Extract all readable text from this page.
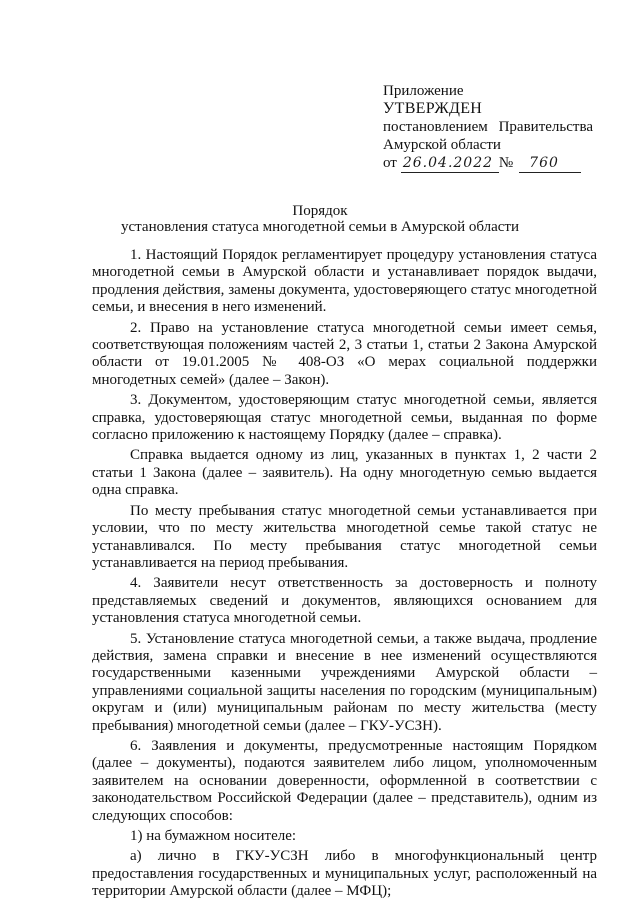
Приложение
УТВЕРЖДЕН
постановлением Правительства
Амурской области
от 26.04.2022 №	760
Порядок
установления статуса многодетной семьи в Амурской области

1. Настоящий Порядок регламентирует процедуру установления статуса многодетной семьи в Амурской области и устанавливает порядок выдачи, продления действия, замены документа, удостоверяющего статус многодетной семьи, и внесения в него изменений.

2. Право на установление статуса многодетной семьи имеет семья, соответствующая положениям частей 2, 3 статьи 1, статьи 2 Закона Амурской области от 19.01.2005 № 408-ОЗ «О мерах социальной поддержки многодетных семей» (далее – Закон).

3. Документом, удостоверяющим статус многодетной семьи, является справка, удостоверяющая статус многодетной семьи, выданная по форме согласно приложению к настоящему Порядку (далее – справка).

Справка выдается одному из лиц, указанных в пунктах 1, 2 части 2 статьи 1 Закона (далее – заявитель). На одну многодетную семью выдается одна справка.

По месту пребывания статус многодетной семьи устанавливается при условии, что по месту жительства многодетной семье такой статус не устанавливался. По месту пребывания статус многодетной семьи устанавливается на период пребывания.

4. Заявители несут ответственность за достоверность и полноту представляемых сведений и документов, являющихся основанием для установления статуса многодетной семьи.

5. Установление статуса многодетной семьи, а также выдача, продление действия, замена справки и внесение в нее изменений осуществляются государственными казенными учреждениями Амурской области – управлениями социальной защиты населения по городским (муниципальным) округам и (или) муниципальным районам по месту жительства (месту пребывания) многодетной семьи (далее – ГКУ-УСЗН).

6. Заявления и документы, предусмотренные настоящим Порядком (далее – документы), подаются заявителем либо лицом, уполномоченным заявителем на основании доверенности, оформленной в соответствии с законодательством Российской Федерации (далее – представитель), одним из следующих способов:

1) на бумажном носителе:

а) лично в ГКУ-УСЗН либо в многофункциональный центр предоставления государственных и муниципальных услуг, расположенный на территории Амурской области (далее – МФЦ);
